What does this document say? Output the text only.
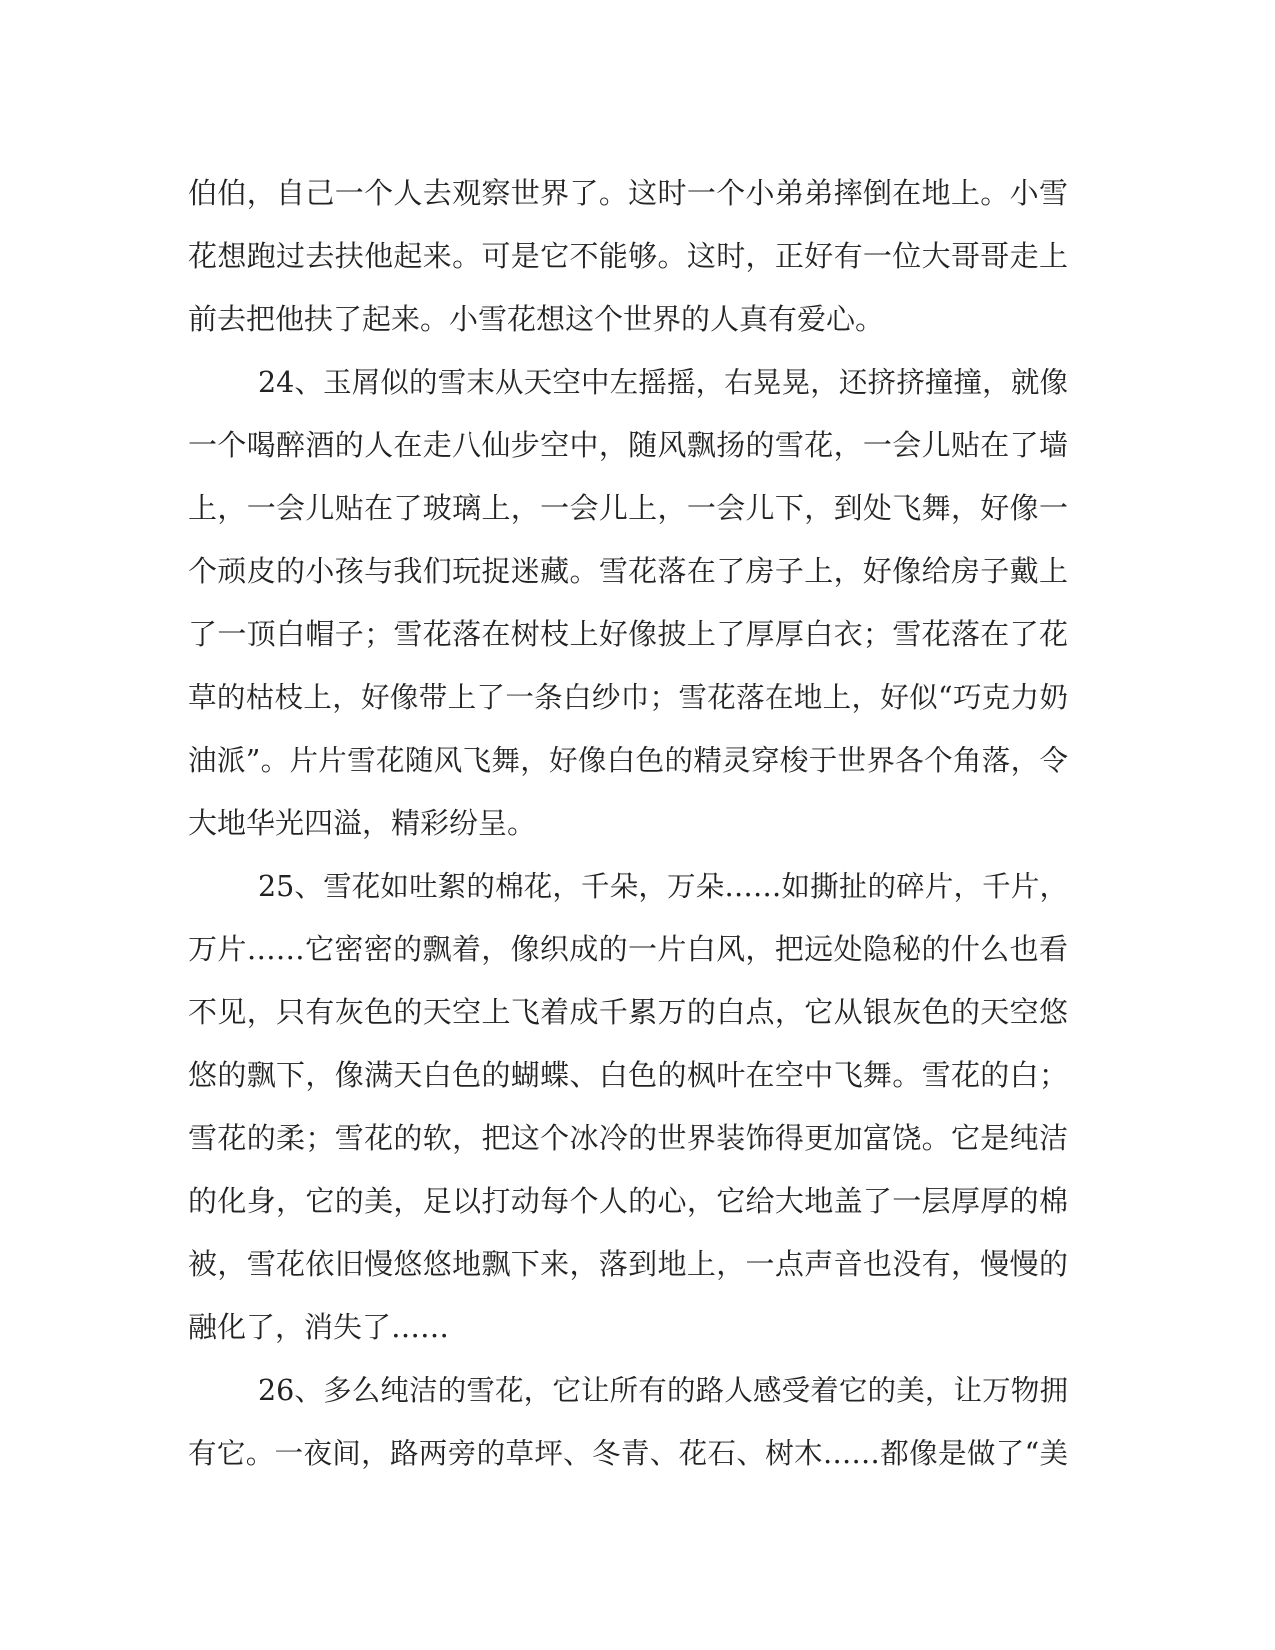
伯伯，自己一个人去观察世界了。这时一个小弟弟摔倒在地上。小雪
花想跑过去扶他起来。可是它不能够。这时，正好有一位大哥哥走上
前去把他扶了起来。小雪花想这个世界的人真有爱心。
24、玉屑似的雪末从天空中左摇摇，右晃晃，还挤挤撞撞，就像
一个喝醉酒的人在走八仙步空中，随风飘扬的雪花，一会儿贴在了墙
上，一会儿贴在了玻璃上，一会儿上，一会儿下，到处飞舞，好像一
个顽皮的小孩与我们玩捉迷藏。雪花落在了房子上，好像给房子戴上
了一顶白帽子；雪花落在树枝上好像披上了厚厚白衣；雪花落在了花
草的枯枝上，好像带上了一条白纱巾；雪花落在地上，好似“巧克力奶
油派”。片片雪花随风飞舞，好像白色的精灵穿梭于世界各个角落，令
大地华光四溢，精彩纷呈。
25、雪花如吐絮的棉花，千朵，万朵……如撕扯的碎片，千片，
万片……它密密的飘着，像织成的一片白风，把远处隐秘的什么也看
不见，只有灰色的天空上飞着成千累万的白点，它从银灰色的天空悠
悠的飘下，像满天白色的蝴蝶、白色的枫叶在空中飞舞。雪花的白；
雪花的柔；雪花的软，把这个冰冷的世界装饰得更加富饶。它是纯洁
的化身，它的美，足以打动每个人的心，它给大地盖了一层厚厚的棉
被，雪花依旧慢悠悠地飘下来，落到地上，一点声音也没有，慢慢的
融化了，消失了……
26、多么纯洁的雪花，它让所有的路人感受着它的美，让万物拥
有它。一夜间，路两旁的草坪、冬青、花石、树木……都像是做了“美
